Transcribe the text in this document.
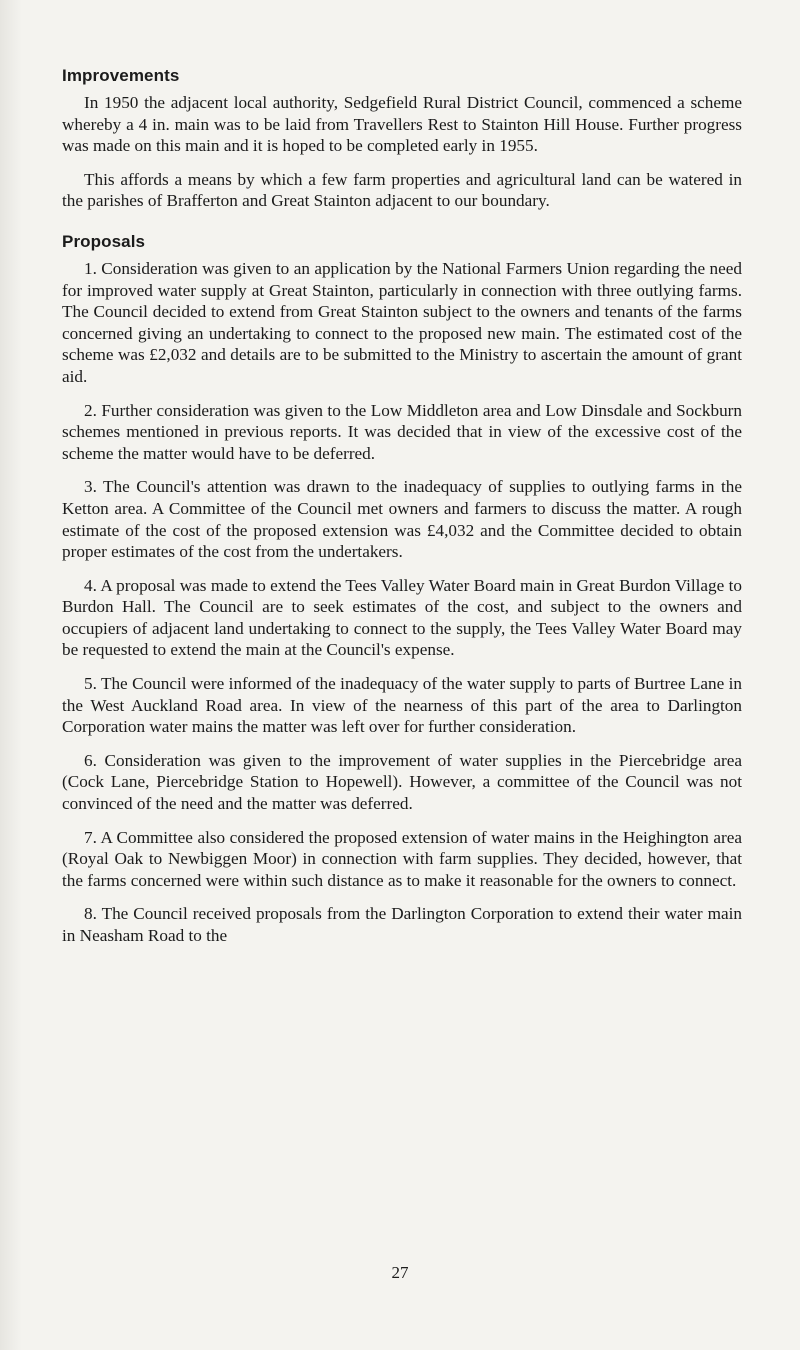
Improvements

In 1950 the adjacent local authority, Sedgefield Rural District Council, commenced a scheme whereby a 4 in. main was to be laid from Travellers Rest to Stainton Hill House. Further progress was made on this main and it is hoped to be completed early in 1955.

This affords a means by which a few farm properties and agricultural land can be watered in the parishes of Brafferton and Great Stainton adjacent to our boundary.

Proposals

1. Consideration was given to an application by the National Farmers Union regarding the need for improved water supply at Great Stainton, particularly in connection with three outlying farms. The Council decided to extend from Great Stainton subject to the owners and tenants of the farms concerned giving an undertaking to connect to the proposed new main. The estimated cost of the scheme was £2,032 and details are to be submitted to the Ministry to ascertain the amount of grant aid.

2. Further consideration was given to the Low Middleton area and Low Dinsdale and Sockburn schemes mentioned in previous reports. It was decided that in view of the excessive cost of the scheme the matter would have to be deferred.

3. The Council's attention was drawn to the inadequacy of supplies to outlying farms in the Ketton area. A Committee of the Council met owners and farmers to discuss the matter. A rough estimate of the cost of the proposed extension was £4,032 and the Committee decided to obtain proper estimates of the cost from the undertakers.

4. A proposal was made to extend the Tees Valley Water Board main in Great Burdon Village to Burdon Hall. The Council are to seek estimates of the cost, and subject to the owners and occupiers of adjacent land undertaking to connect to the supply, the Tees Valley Water Board may be requested to extend the main at the Council's expense.

5. The Council were informed of the inadequacy of the water supply to parts of Burtree Lane in the West Auckland Road area. In view of the nearness of this part of the area to Darlington Corporation water mains the matter was left over for further consideration.

6. Consideration was given to the improvement of water supplies in the Piercebridge area (Cock Lane, Piercebridge Station to Hopewell). However, a committee of the Council was not convinced of the need and the matter was deferred.

7. A Committee also considered the proposed extension of water mains in the Heighington area (Royal Oak to Newbiggen Moor) in connection with farm supplies. They decided, however, that the farms concerned were within such distance as to make it reasonable for the owners to connect.

8. The Council received proposals from the Darlington Corporation to extend their water main in Neasham Road to the

27
